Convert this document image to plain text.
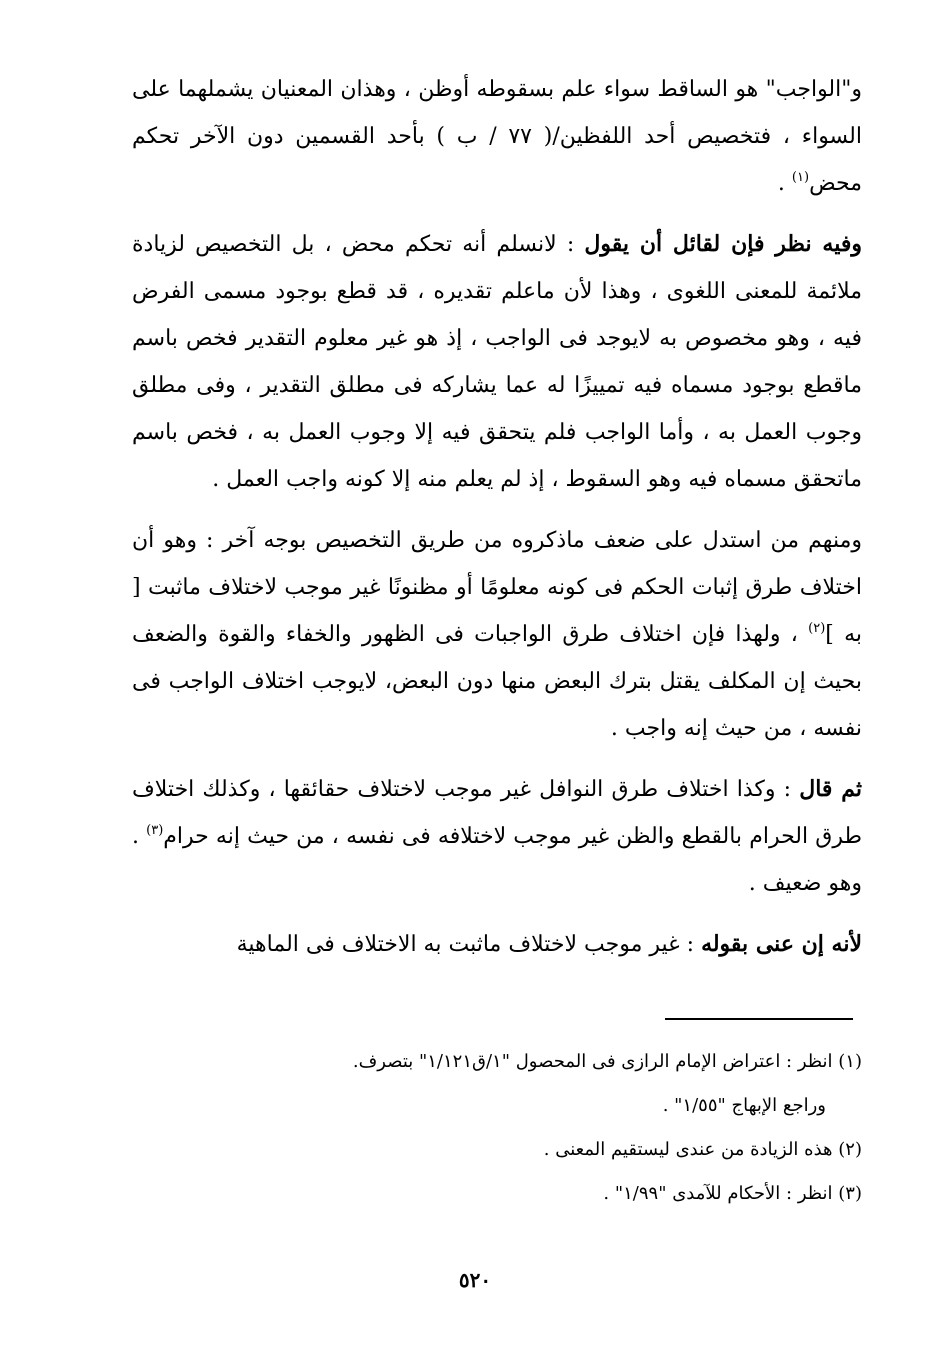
و"الواجب" هو الساقط سواء علم بسقوطه أوظن ، وهذان المعنيان يشملهما على السواء ، فتخصيص أحد اللفظين/( ٧٧ / ب ) بأحد القسمين دون الآخر تحكم محض$^{(١)}$ .

وفيه نظر فإن لقائل أن يقول : لانسلم أنه تحكم محض ، بل التخصيص لزيادة ملائمة للمعنى اللغوى ، وهذا لأن ماعلم تقديره ، قد قطع بوجود مسمى الفرض فيه ، وهو مخصوص به لايوجد فى الواجب ، إذ هو غير معلوم التقدير فخص باسم ماقطع بوجود مسماه فيه تمييزًا له عما يشاركه فى مطلق التقدير ، وفى مطلق وجوب العمل به ، وأما الواجب فلم يتحقق فيه إلا وجوب العمل به ، فخص باسم ماتحقق مسماه فيه وهو السقوط ، إذ لم يعلم منه إلا كونه واجب العمل .

ومنهم من استدل على ضعف ماذكروه من طريق التخصيص بوجه آخر : وهو أن اختلاف طرق إثبات الحكم فى كونه معلومًا أو مظنونًا غير موجب لاختلاف ماثبت [ به ]$^{(٢)}$ ، ولهذا فإن اختلاف طرق الواجبات فى الظهور والخفاء والقوة والضعف بحيث إن المكلف يقتل بترك البعض منها دون البعض، لايوجب اختلاف الواجب فى نفسه ، من حيث إنه واجب .

ثم قال : وكذا اختلاف طرق النوافل غير موجب لاختلاف حقائقها ، وكذلك اختلاف طرق الحرام بالقطع والظن غير موجب لاختلافه فى نفسه ، من حيث إنه حرام$^{(٣)}$ . وهو ضعيف .

لأنه إن عنى بقوله : غير موجب لاختلاف ماثبت به الاختلاف فى الماهية

(١) انظر : اعتراض الإمام الرازى فى المحصول "١/ق١/١٢١" بتصرف.

وراجع الإبهاج "١/٥٥" .

(٢) هذه الزيادة من عندى ليستقيم المعنى .

(٣) انظر : الأحكام للآمدى "١/٩٩" .

٥٢٠
